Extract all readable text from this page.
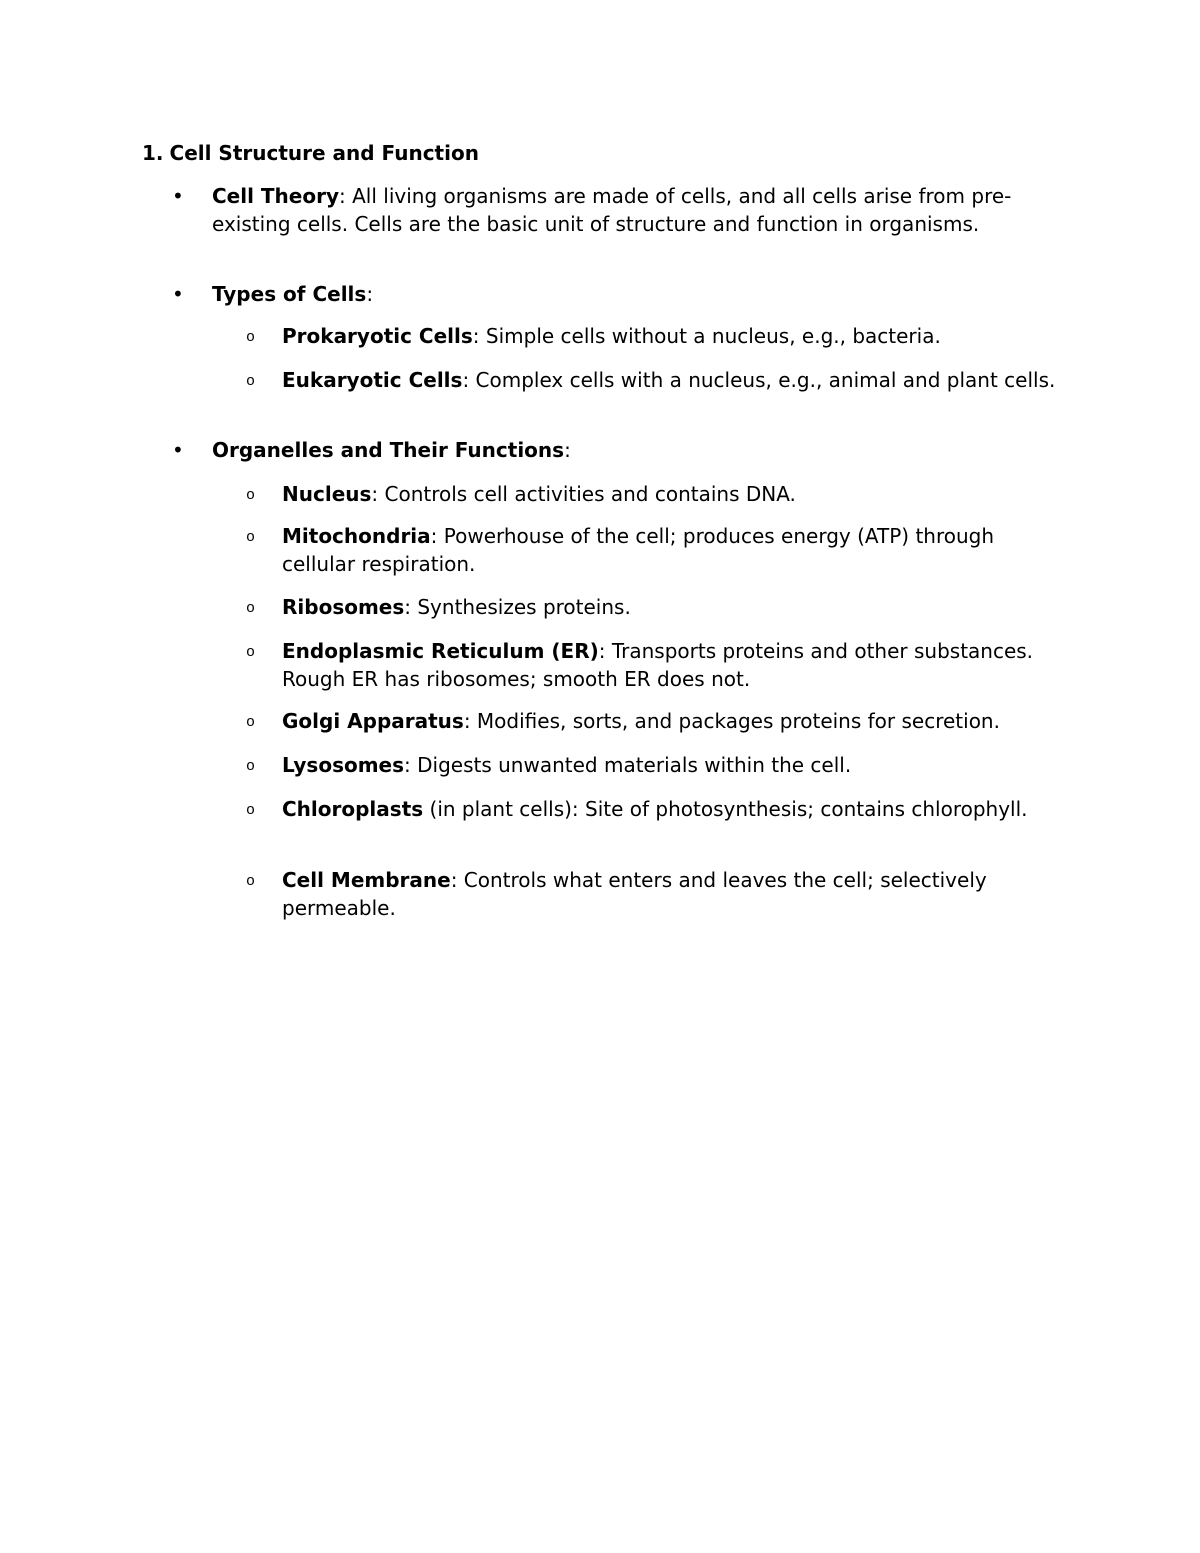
1. Cell Structure and Function
• Cell Theory: All living organisms are made of cells, and all cells arise from pre-existing cells. Cells are the basic unit of structure and function in organisms.
• Types of Cells:
o Prokaryotic Cells: Simple cells without a nucleus, e.g., bacteria.
o Eukaryotic Cells: Complex cells with a nucleus, e.g., animal and plant cells.
• Organelles and Their Functions:
o Nucleus: Controls cell activities and contains DNA.
o Mitochondria: Powerhouse of the cell; produces energy (ATP) through cellular respiration.
o Ribosomes: Synthesizes proteins.
o Endoplasmic Reticulum (ER): Transports proteins and other substances. Rough ER has ribosomes; smooth ER does not.
o Golgi Apparatus: Modifies, sorts, and packages proteins for secretion.
o Lysosomes: Digests unwanted materials within the cell.
o Chloroplasts (in plant cells): Site of photosynthesis; contains chlorophyll.
o Cell Membrane: Controls what enters and leaves the cell; selectively permeable.
